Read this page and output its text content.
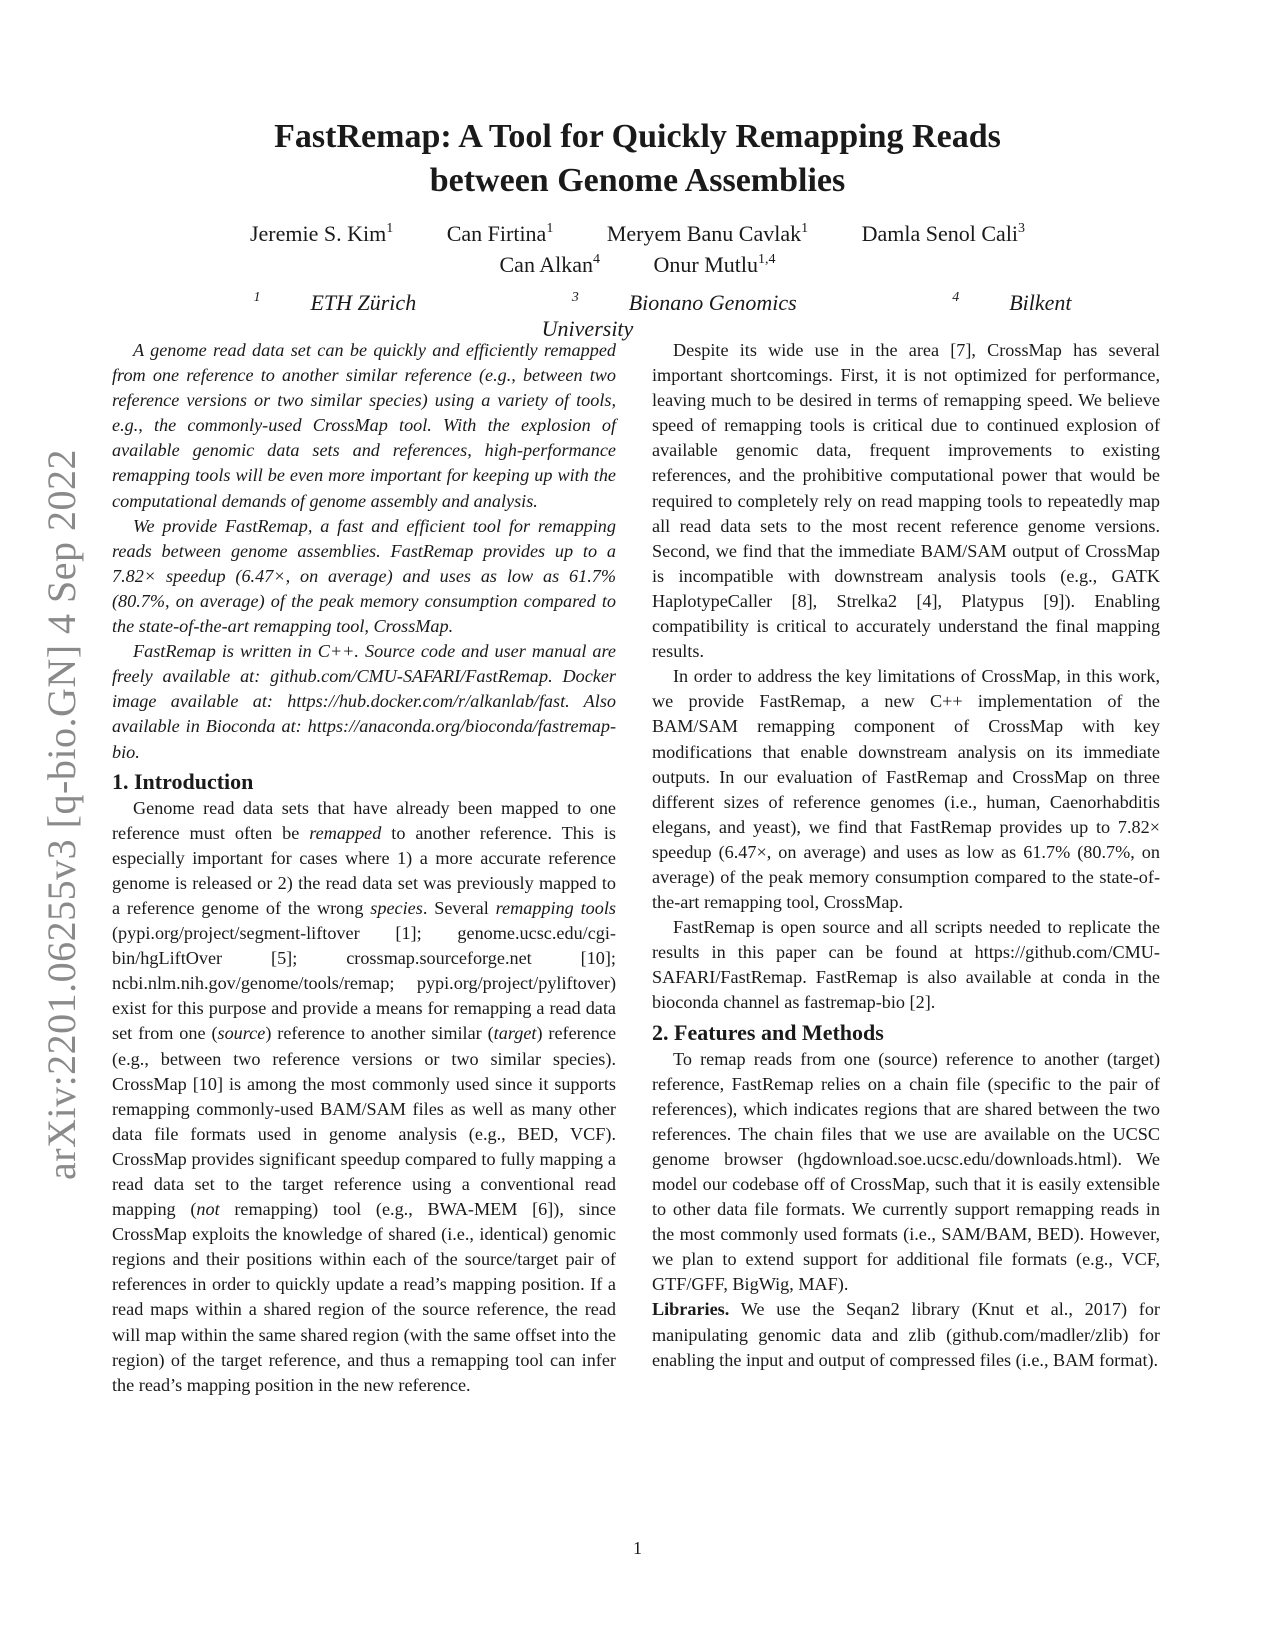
arXiv:2201.06255v3 [q-bio.GN] 4 Sep 2022
FastRemap: A Tool for Quickly Remapping Reads
between Genome Assemblies
Jeremie S. Kim$^1$ Can Firtina$^1$ Meryem Banu Cavlak$^1$ Damla Senol Cali$^3$
Can Alkan$^4$ Onur Mutlu$^{1,4}$
$^1$ ETH Zürich	$^3$ Bionano Genomics	$^4$ Bilkent University

A genome read data set can be quickly and efficiently remapped from one reference to another similar reference (e.g., between two reference versions or two similar species) using a variety of tools, e.g., the commonly-used CrossMap tool. With the explosion of available genomic data sets and references, high-performance remapping tools will be even more important for keeping up with the computational demands of genome assembly and analysis.

We provide FastRemap, a fast and efficient tool for remapping reads between genome assemblies. FastRemap provides up to a 7.82× speedup (6.47×, on average) and uses as low as 61.7% (80.7%, on average) of the peak memory consumption compared to the state-of-the-art remapping tool, CrossMap.

FastRemap is written in C++. Source code and user manual are freely available at: github.com/CMU-SAFARI/FastRemap. Docker image available at: https://hub.docker.com/r/alkanlab/fast. Also available in Bioconda at: https://anaconda.org/bioconda/fastremap-bio.

1. Introduction

Genome read data sets that have already been mapped to one reference must often be remapped to another reference. This is especially important for cases where 1) a more accurate reference genome is released or 2) the read data set was previously mapped to a reference genome of the wrong species. Several remapping tools (pypi.org/project/segment-liftover [1]; genome.ucsc.edu/cgi-bin/hgLiftOver [5]; crossmap.sourceforge.net [10]; ncbi.nlm.nih.gov/genome/tools/remap; pypi.org/project/pyliftover) exist for this purpose and provide a means for remapping a read data set from one (source) reference to another similar (target) reference (e.g., between two reference versions or two similar species). CrossMap [10] is among the most commonly used since it supports remapping commonly-used BAM/SAM files as well as many other data file formats used in genome analysis (e.g., BED, VCF). CrossMap provides significant speedup compared to fully mapping a read data set to the target reference using a conventional read mapping (not remapping) tool (e.g., BWA-MEM [6]), since CrossMap exploits the knowledge of shared (i.e., identical) genomic regions and their positions within each of the source/target pair of references in order to quickly update a read’s mapping position. If a read maps within a shared region of the source reference, the read will map within the same shared region (with the same offset into the region) of the target reference, and thus a remapping tool can infer the read’s mapping position in the new reference.

Despite its wide use in the area [7], CrossMap has several important shortcomings. First, it is not optimized for performance, leaving much to be desired in terms of remapping speed. We believe speed of remapping tools is critical due to continued explosion of available genomic data, frequent improvements to existing references, and the prohibitive computational power that would be required to completely rely on read mapping tools to repeatedly map all read data sets to the most recent reference genome versions. Second, we find that the immediate BAM/SAM output of CrossMap is incompatible with downstream analysis tools (e.g., GATK HaplotypeCaller [8], Strelka2 [4], Platypus [9]). Enabling compatibility is critical to accurately understand the final mapping results.

In order to address the key limitations of CrossMap, in this work, we provide FastRemap, a new C++ implementation of the BAM/SAM remapping component of CrossMap with key modifications that enable downstream analysis on its immediate outputs. In our evaluation of FastRemap and CrossMap on three different sizes of reference genomes (i.e., human, Caenorhabditis elegans, and yeast), we find that FastRemap provides up to 7.82× speedup (6.47×, on average) and uses as low as 61.7% (80.7%, on average) of the peak memory consumption compared to the state-of-the-art remapping tool, CrossMap.

FastRemap is open source and all scripts needed to replicate the results in this paper can be found at https://github.com/CMU-SAFARI/FastRemap. FastRemap is also available at conda in the bioconda channel as fastremap-bio [2].

2. Features and Methods

To remap reads from one (source) reference to another (target) reference, FastRemap relies on a chain file (specific to the pair of references), which indicates regions that are shared between the two references. The chain files that we use are available on the UCSC genome browser (hgdownload.soe.ucsc.edu/downloads.html). We model our codebase off of CrossMap, such that it is easily extensible to other data file formats. We currently support remapping reads in the most commonly used formats (i.e., SAM/BAM, BED). However, we plan to extend support for additional file formats (e.g., VCF, GTF/GFF, BigWig, MAF).

Libraries. We use the Seqan2 library (Knut et al., 2017) for manipulating genomic data and zlib (github.com/madler/zlib) for enabling the input and output of compressed files (i.e., BAM format).

1
